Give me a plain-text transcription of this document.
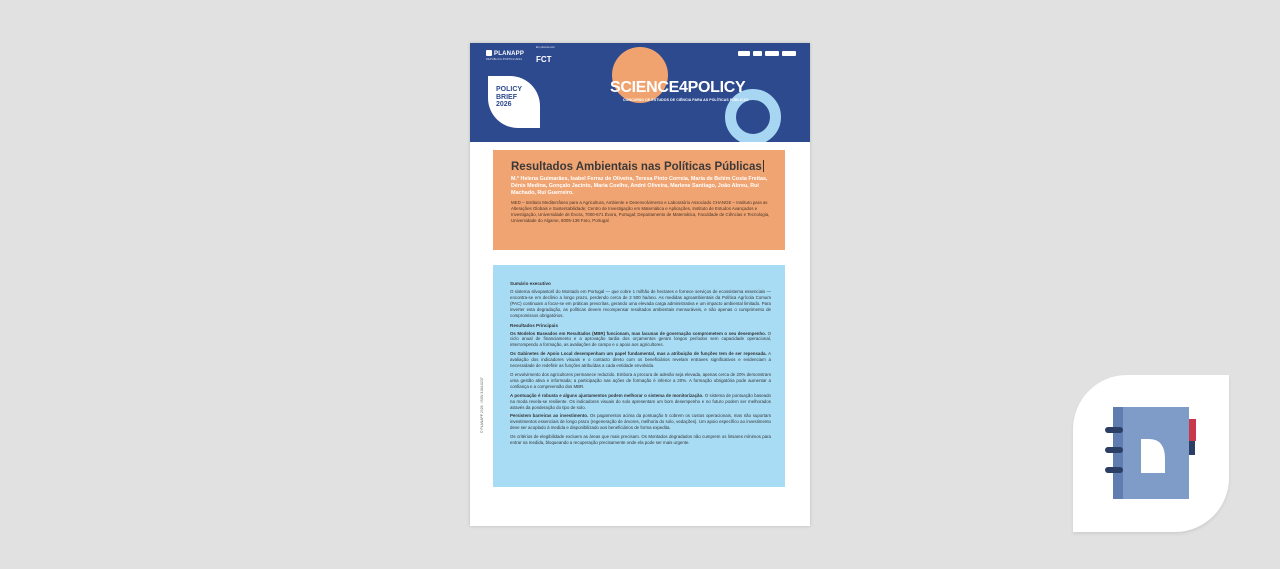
PLANAPP
REPÚBLICA PORTUGUESA
Em parceria com
FCT
SCIENCE4POLICY
CONCURSO DE ESTUDOS DE CIÊNCIA PARA AS POLÍTICAS PÚBLICAS
POLICY
BRIEF
2026
Resultados Ambientais nas Políticas Públicas
M.ª Helena Guimarães, Isabel Ferraz de Oliveira, Teresa Pinto Correia, Maria de Belém Costa Freitas, Dénis Medina, Gonçalo Jacinto, Maria Coelho, André Oliveira, Marlene Santiago, João Abreu, Rui Machado, Rui Guerreiro.
MED – Instituto Mediterrâneo para a Agricultura, Ambiente e Desenvolvimento e Laboratório Associado CHANGE – Instituto para as Alterações Globais e Sustentabilidade; Centro de Investigação em Matemática e Aplicações, Instituto de Estudos Avançados e Investigação, Universidade de Évora, 7000-671 Évora, Portugal; Departamento de Matemática, Faculdade de Ciências e Tecnologia, Universidade do Algarve, 8005-139 Faro, Portugal
© PLANAPP 2026 · ISSN 3184-6237
Sumário executivo

O sistema silvopastoril do Montado em Portugal — que cobre 1 milhão de hectares e fornece serviços de ecossistema essenciais — encontra-se em declínio a longo prazo, perdendo cerca de 2 500 ha/ano. As medidas agroambientais da Política Agrícola Comum (PAC) continuam a focar-se em práticas prescritas, gerando uma elevada carga administrativa e um impacto ambiental limitado. Para inverter esta degradação, as políticas devem recompensar resultados ambientais mensuráveis, e não apenas o cumprimento de compromissos obrigatórios.

Resultados Principais

Os Modelos Baseados em Resultados (MBR) funcionam, mas lacunas de governação comprometem o seu desempenho. O ciclo anual de financiamento e a aprovação tardia dos orçamentos geram longos períodos sem capacidade operacional, interrompendo a formação, as avaliações de campo e o apoio aos agricultores.

Os Gabinetes de Apoio Local desempenham um papel fundamental, mas a atribuição de funções tem de ser repensada. A avaliação dos indicadores visuais e o contacto direto com os beneficiários revelam entraves significativos e evidenciam a necessidade de redefinir as funções atribuídas a cada entidade envolvida.

O envolvimento dos agricultores permanece reduzido. Embora a procura de adesão seja elevada, apenas cerca de 20% demonstram uma gestão ativa e informada; a participação nas ações de formação é inferior a 20%. A formação obrigatória pode aumentar a confiança e a compreensão dos MBR.

A pontuação é robusta e alguns ajustamentos podem melhorar o sistema de monitorização. O sistema de pontuação baseado na moda revela-se resiliente. Os indicadores visuais do solo apresentam um bom desempenho e no futuro podem ser melhorados através da ponderação do tipo de solo.

Persistem barreiras ao investimento. Os pagamentos acima da pontuação 5 cobrem os custos operacionais, mas não suportam investimentos essenciais de longo prazo (regeneração de árvores, melhoria do solo, vedações). Um apoio específico ao investimento deve ser acoplado à medida e disponibilizado aos beneficiários de forma expedita.

Os critérios de elegibilidade excluem as áreas que mais precisam. Os Montados degradados não cumprem os limiares mínimos para entrar na medida, bloqueando a recuperação precisamente onde ela pode ser mais urgente.
